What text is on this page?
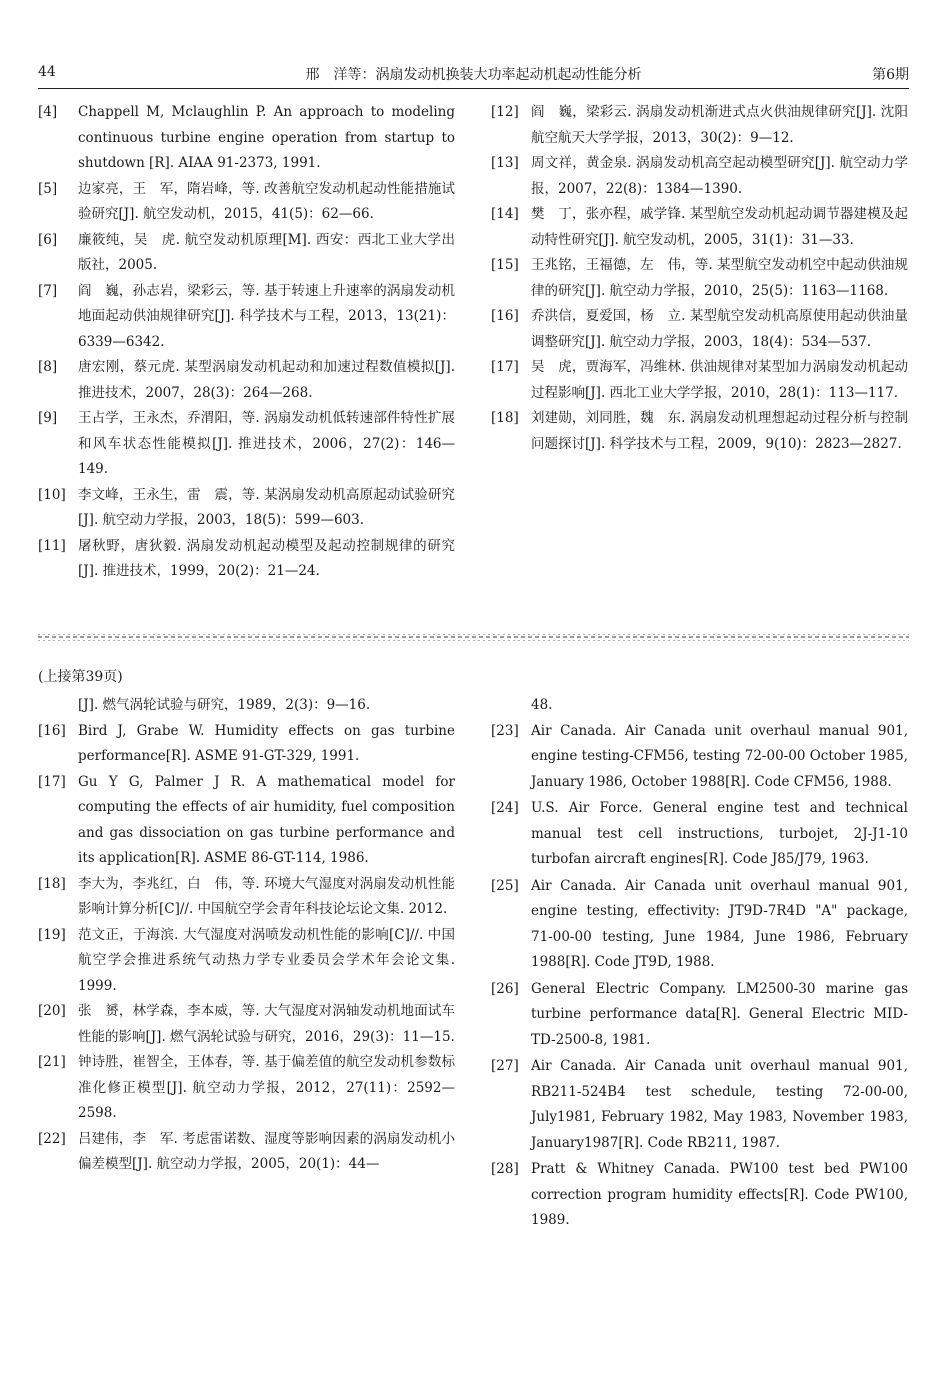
44	邢　洋等：涡扇发动机换装大功率起动机起动性能分析	第6期
[4] Chappell M, Mclaughlin P. An approach to modeling continuous turbine engine operation from startup to shutdown [R]. AIAA 91-2373, 1991.
[5] 边家亮，王　军，隋岩峰，等. 改善航空发动机起动性能措施试验研究[J]. 航空发动机，2015，41(5)：62—66.
[6] 廉筱纯，吴　虎. 航空发动机原理[M]. 西安：西北工业大学出版社，2005.
[7] 阎　巍，孙志岩，梁彩云，等. 基于转速上升速率的涡扇发动机地面起动供油规律研究[J]. 科学技术与工程，2013，13(21)：6339—6342.
[8] 唐宏刚，蔡元虎. 某型涡扇发动机起动和加速过程数值模拟[J]. 推进技术，2007，28(3)：264—268.
[9] 王占学，王永杰，乔渭阳，等. 涡扇发动机低转速部件特性扩展和风车状态性能模拟[J]. 推进技术，2006，27(2)：146—149.
[10] 李文峰，王永生，雷　震，等. 某涡扇发动机高原起动试验研究[J]. 航空动力学报，2003，18(5)：599—603.
[11] 屠秋野，唐狄毅. 涡扇发动机起动模型及起动控制规律的研究[J]. 推进技术，1999，20(2)：21—24.
[12] 阎　巍，梁彩云. 涡扇发动机渐进式点火供油规律研究[J]. 沈阳航空航天大学学报，2013，30(2)：9—12.
[13] 周文祥，黄金泉. 涡扇发动机高空起动模型研究[J]. 航空动力学报，2007，22(8)：1384—1390.
[14] 樊　丁，张亦程，戚学锋. 某型航空发动机起动调节器建模及起动特性研究[J]. 航空发动机，2005，31(1)：31—33.
[15] 王兆铭，王福德，左　伟，等. 某型航空发动机空中起动供油规律的研究[J]. 航空动力学报，2010，25(5)：1163—1168.
[16] 乔洪信，夏爱国，杨　立. 某型航空发动机高原使用起动供油量调整研究[J]. 航空动力学报，2003，18(4)：534—537.
[17] 吴　虎，贾海军，冯维林. 供油规律对某型加力涡扇发动机起动过程影响[J]. 西北工业大学学报，2010，28(1)：113—117.
[18] 刘建勋，刘同胜，魏　东. 涡扇发动机理想起动过程分析与控制问题探讨[J]. 科学技术与工程，2009，9(10)：2823—2827.
(上接第39页)
[J]. 燃气涡轮试验与研究，1989，2(3)：9—16.
[16] Bird J, Grabe W. Humidity effects on gas turbine performance[R]. ASME 91-GT-329, 1991.
[17] Gu Y G, Palmer J R. A mathematical model for computing the effects of air humidity, fuel composition and gas dissociation on gas turbine performance and its application[R]. ASME 86-GT-114, 1986.
[18] 李大为，李兆红，白　伟，等. 环境大气湿度对涡扇发动机性能影响计算分析[C]//. 中国航空学会青年科技论坛论文集. 2012.
[19] 范文正，于海滨. 大气湿度对涡喷发动机性能的影响[C]//. 中国航空学会推进系统气动热力学专业委员会学术年会论文集. 1999.
[20] 张　赟，林学森，李本威，等. 大气湿度对涡轴发动机地面试车性能的影响[J]. 燃气涡轮试验与研究，2016，29(3)：11—15.
[21] 钟诗胜，崔智全，王体春，等. 基于偏差值的航空发动机参数标准化修正模型[J]. 航空动力学报，2012，27(11)：2592—2598.
[22] 吕建伟，李　军. 考虑雷诺数、湿度等影响因素的涡扇发动机小偏差模型[J]. 航空动力学报，2005，20(1)：44—
48.
[23] Air Canada. Air Canada unit overhaul manual 901, engine testing-CFM56, testing 72-00-00 October 1985, January 1986, October 1988[R]. Code CFM56, 1988.
[24] U.S. Air Force. General engine test and technical manual test cell instructions, turbojet, 2J-J1-10 turbofan aircraft engines[R]. Code J85/J79, 1963.
[25] Air Canada. Air Canada unit overhaul manual 901, engine testing, effectivity: JT9D-7R4D "A" package, 71-00-00 testing, June 1984, June 1986, February 1988[R]. Code JT9D, 1988.
[26] General Electric Company. LM2500-30 marine gas turbine performance data[R]. General Electric MID-TD-2500-8, 1981.
[27] Air Canada. Air Canada unit overhaul manual 901, RB211-524B4 test schedule, testing 72-00-00, July1981, February 1982, May 1983, November 1983, January1987[R]. Code RB211, 1987.
[28] Pratt & Whitney Canada. PW100 test bed PW100 correction program humidity effects[R]. Code PW100, 1989.
